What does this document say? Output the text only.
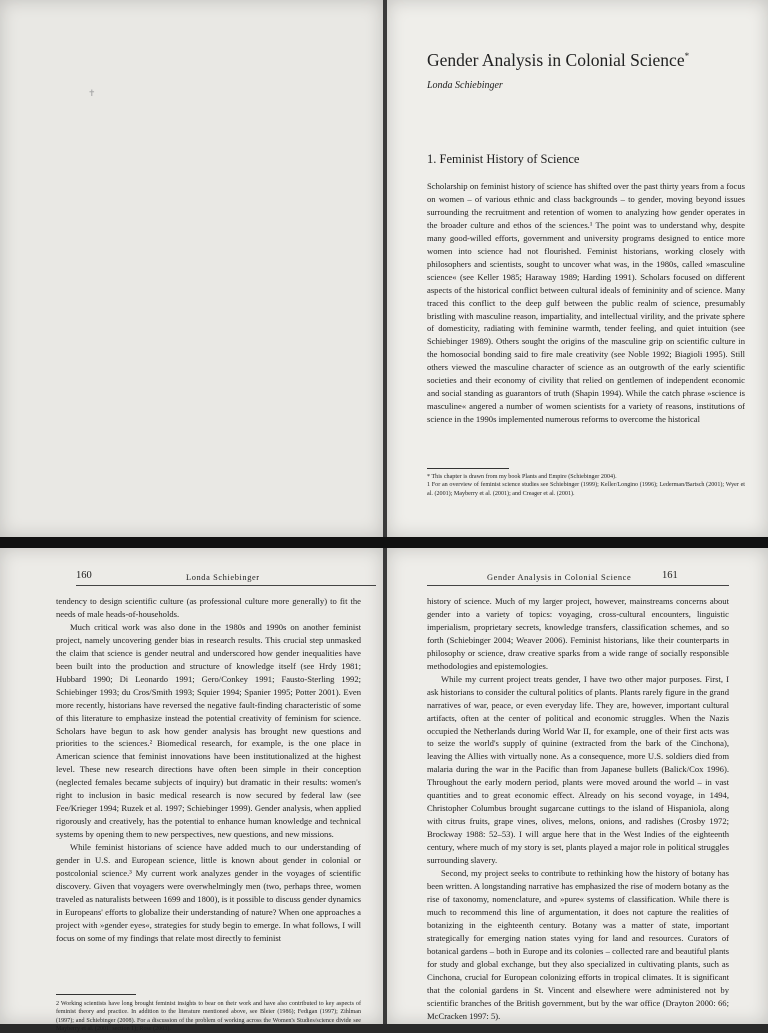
✝
Gender Analysis in Colonial Science*
Londa Schiebinger
1. Feminist History of Science
Scholarship on feminist history of science has shifted over the past thirty years from a focus on women – of various ethnic and class backgrounds – to gender, moving beyond issues surrounding the recruitment and retention of women to analyzing how gender operates in the broader culture and ethos of the sciences.¹ The point was to understand why, despite many good-willed efforts, government and university programs designed to entice more women into science had not flourished. Feminist historians, working closely with philosophers and scientists, sought to uncover what was, in the 1980s, called »masculine science« (see Keller 1985; Haraway 1989; Harding 1991). Scholars focused on different aspects of the historical conflict between cultural ideals of femininity and of science. Many traced this conflict to the deep gulf between the public realm of science, presumably bristling with masculine reason, impartiality, and intellectual virility, and the private sphere of domesticity, radiating with feminine warmth, tender feeling, and quiet intuition (see Schiebinger 1989). Others sought the origins of the masculine grip on scientific culture in the homosocial bonding said to fire male creativity (see Noble 1992; Biagioli 1995). Still others viewed the masculine character of science as an outgrowth of the early scientific societies and their economy of civility that relied on gentlemen of independent economic and social standing as guarantors of truth (Shapin 1994). While the catch phrase »science is masculine« angered a number of women scientists for a variety of reasons, institutions of science in the 1990s implemented numerous reforms to overcome the historical

* This chapter is drawn from my book Plants and Empire (Schiebinger 2004).

1 For an overview of feminist science studies see Schiebinger (1999); Keller/Longino (1996); Lederman/Bartsch (2001); Wyer et al. (2001); Mayberry et al. (2001); and Creager et al. (2001).

160	Londa Schiebinger

tendency to design scientific culture (as professional culture more generally) to fit the needs of male heads-of-households.

Much critical work was also done in the 1980s and 1990s on another feminist project, namely uncovering gender bias in research results. This crucial step unmasked the claim that science is gender neutral and underscored how gender inequalities have been built into the production and structure of knowledge itself (see Hrdy 1981; Hubbard 1990; Di Leonardo 1991; Gero/Conkey 1991; Fausto-Sterling 1992; Schiebinger 1993; du Cros/Smith 1993; Squier 1994; Spanier 1995; Potter 2001). Even more recently, historians have reversed the negative fault-finding characteristic of some of this literature to emphasize instead the potential creativity of feminism for science. Scholars have begun to ask how gender analysis has brought new questions and priorities to the sciences.² Biomedical research, for example, is the one place in American science that feminist innovations have been institutionalized at the highest level. These new research directions have often been simple in their conception (neglected females became subjects of inquiry) but dramatic in their results: women's right to inclusion in basic medical research is now secured by federal law (see Fee/Krieger 1994; Ruzek et al. 1997; Schiebinger 1999). Gender analysis, when applied rigorously and creatively, has the potential to enhance human knowledge and technical systems by opening them to new perspectives, new questions, and new missions.

While feminist historians of science have added much to our understanding of gender in U.S. and European science, little is known about gender in colonial or postcolonial science.³ My current work analyzes gender in the voyages of scientific discovery. Given that voyagers were overwhelmingly men (two, perhaps three, women traveled as naturalists between 1699 and 1800), is it possible to discuss gender dynamics in Europeans' efforts to globalize their understanding of nature? When one approaches a project with »gender eyes«, strategies for study begin to emerge. In what follows, I will focus on some of my findings that relate most directly to feminist

2 Working scientists have long brought feminist insights to bear on their work and have also contributed to key aspects of feminist theory and practice. In addition to the literature mentioned above, see Bleier (1986); Fedigan (1997); Zihlman (1997); and Schiebinger (2008). For a discussion of the problem of working across the Women's Studies/science divide see Mayberry et al. (2001: section 1); Rose (2003).
Gender Analysis in Colonial Science	161

history of science. Much of my larger project, however, mainstreams concerns about gender into a variety of topics: voyaging, cross-cultural encounters, linguistic imperialism, proprietary secrets, knowledge transfers, classification schemes, and so forth (Schiebinger 2004; Weaver 2006). Feminist historians, like their counterparts in philosophy or science, draw creative sparks from a wide range of socially responsible methodologies and epistemologies.

While my current project treats gender, I have two other major purposes. First, I ask historians to consider the cultural politics of plants. Plants rarely figure in the grand narratives of war, peace, or even everyday life. They are, however, important cultural artifacts, often at the center of political and economic struggles. When the Nazis occupied the Netherlands during World War II, for example, one of their first acts was to seize the world's supply of quinine (extracted from the bark of the Cinchona), leaving the Allies with virtually none. As a consequence, more U.S. soldiers died from malaria during the war in the Pacific than from Japanese bullets (Balick/Cox 1996). Throughout the early modern period, plants were moved around the world – in vast quantities and to great economic effect. Already on his second voyage, in 1494, Christopher Columbus brought sugarcane cuttings to the island of Hispaniola, along with citrus fruits, grape vines, olives, melons, onions, and radishes (Crosby 1972; Brockway 1988: 52–53). I will argue here that in the West Indies of the eighteenth century, where much of my story is set, plants played a major role in political struggles surrounding slavery.

Second, my project seeks to contribute to rethinking how the history of botany has been written. A longstanding narrative has emphasized the rise of modern botany as the rise of taxonomy, nomenclature, and »pure« systems of classification. While there is much to recommend this line of argumentation, it does not capture the realities of botanizing in the eighteenth century. Botany was a matter of state, important strategically for emerging nation states vying for land and resources. Curators of botanical gardens – both in Europe and its colonies – collected rare and beautiful plants for study and global exchange, but they also specialized in cultivating plants, such as Cinchona, crucial for European colonizing efforts in tropical climates. It is significant that the colonial gardens in St. Vincent and elsewhere were administered not by scientific branches of the British government, but by the war office (Drayton 2000: 66; McCracken 1997: 5).
